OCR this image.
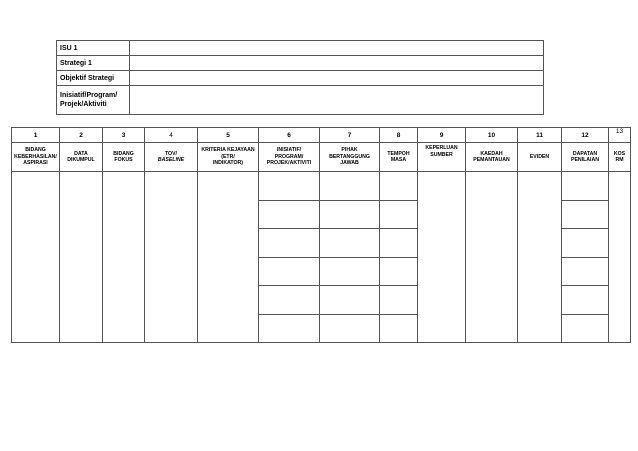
ISU 1	
Strategi 1	
Objektif Strategi	
Inisiatif/Program/
Projek/Aktiviti	
1	2	3	4	5	6	7	8	9	10	11	12	13
BIDANG
KEBERHASILAN/
ASPIRASI	DATA
DIKUMPUL	BIDANG
FOKUS	TOV/
BASELINE	KRITERIA KEJAYAAN
(ETR/
INDIKATOR)	INISIATIF/
PROGRAM/
PROJEK/AKTIVITI	PIHAK
BERTANGGUNG
JAWAB	TEMPOH
MASA	KEPERLUAN
SUMBER	KAEDAH
PEMANTAUAN	EVIDEN	DAPATAN
PENILAIAN	KOS
RM
